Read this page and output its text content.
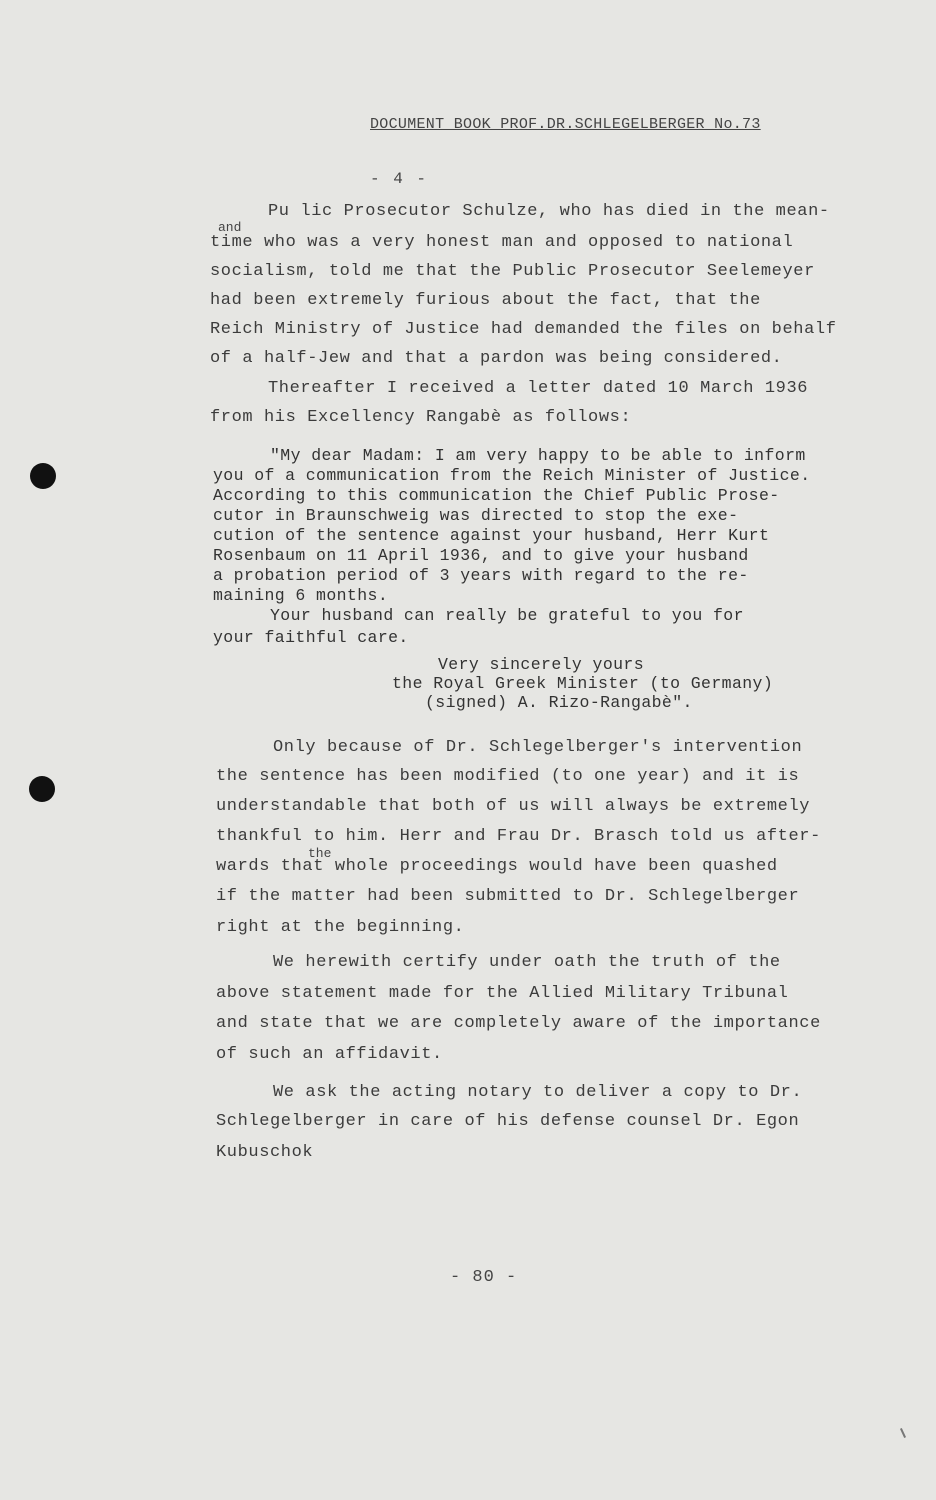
DOCUMENT BOOK PROF.DR.SCHLEGELBERGER No.73
- 4 -
Pu lic Prosecutor Schulze, who has died in the mean-
and
time who was a very honest man and opposed to national
socialism, told me that the Public Prosecutor Seelemeyer
had been extremely furious about the fact, that the
Reich Ministry of Justice had demanded the files on behalf
of a half-Jew and that a pardon was being considered.
Thereafter I received a letter dated 10 March 1936
from his Excellency Rangabè as follows:
"My dear Madam: I am very happy to be able to inform
you of a communication from the Reich Minister of Justice.
According to this communication the Chief Public Prose-
cutor in Braunschweig was directed to stop the exe-
cution of the sentence against your husband, Herr Kurt
Rosenbaum on 11 April 1936, and to give your husband
a probation period of 3 years with regard to the re-
maining 6 months.
Your husband can really be grateful to you for
your faithful care.
Very sincerely yours
the Royal Greek Minister (to Germany)
(signed) A. Rizo-Rangabè".
Only because of Dr. Schlegelberger's intervention
the sentence has been modified (to one year) and it is
understandable that both of us will always be extremely
thankful to him. Herr and Frau Dr. Brasch told us after-
the
wards that whole proceedings would have been quashed
if the matter had been submitted to Dr. Schlegelberger
right at the beginning.
We herewith certify under oath the truth of the
above statement made for the Allied Military Tribunal
and state that we are completely aware of the importance
of such an affidavit.
We ask the acting notary to deliver a copy to Dr.
Schlegelberger in care of his defense counsel Dr. Egon
Kubuschok
- 80 -
